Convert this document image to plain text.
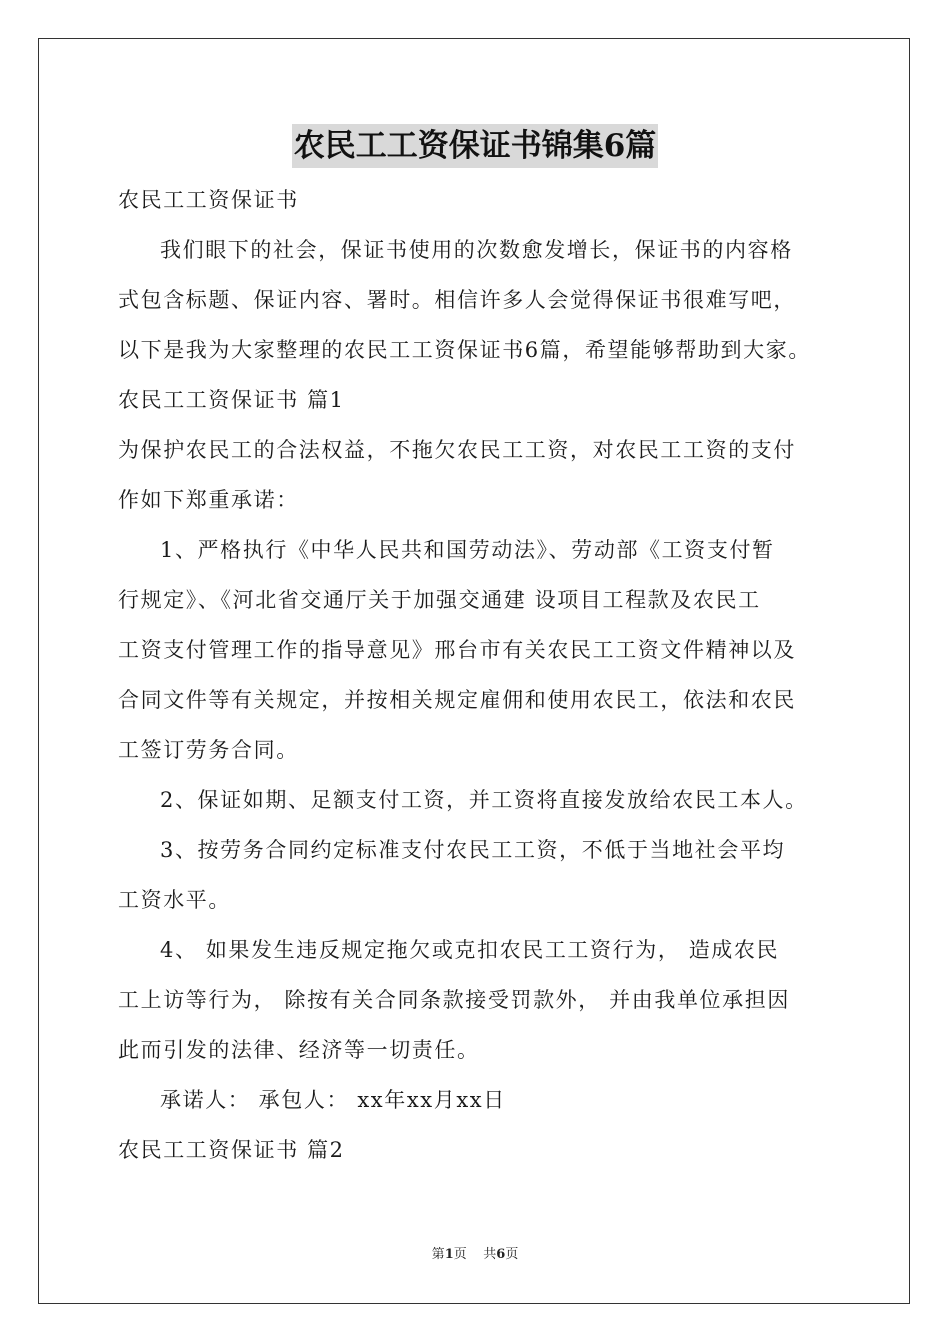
农民工工资保证书锦集6篇
农民工工资保证书
我们眼下的社会，保证书使用的次数愈发增长，保证书的内容格
式包含标题、保证内容、署时。相信许多人会觉得保证书很难写吧，
以下是我为大家整理的农民工工资保证书6篇，希望能够帮助到大家。
农民工工资保证书 篇1
为保护农民工的合法权益，不拖欠农民工工资，对农民工工资的支付
作如下郑重承诺：
1、严格执行《中华人民共和国劳动法》、劳动部《工资支付暂
行规定》、《河北省交通厅关于加强交通建 设项目工程款及农民工
工资支付管理工作的指导意见》邢台市有关农民工工资文件精神以及
合同文件等有关规定，并按相关规定雇佣和使用农民工，依法和农民
工签订劳务合同。
2、保证如期、足额支付工资，并工资将直接发放给农民工本人。
3、按劳务合同约定标准支付农民工工资，不低于当地社会平均
工资水平。
4、 如果发生违反规定拖欠或克扣农民工工资行为， 造成农民
工上访等行为， 除按有关合同条款接受罚款外， 并由我单位承担因
此而引发的法律、经济等一切责任。
承诺人： 承包人： xx年xx月xx日
农民工工资保证书 篇2
第1页    共6页
